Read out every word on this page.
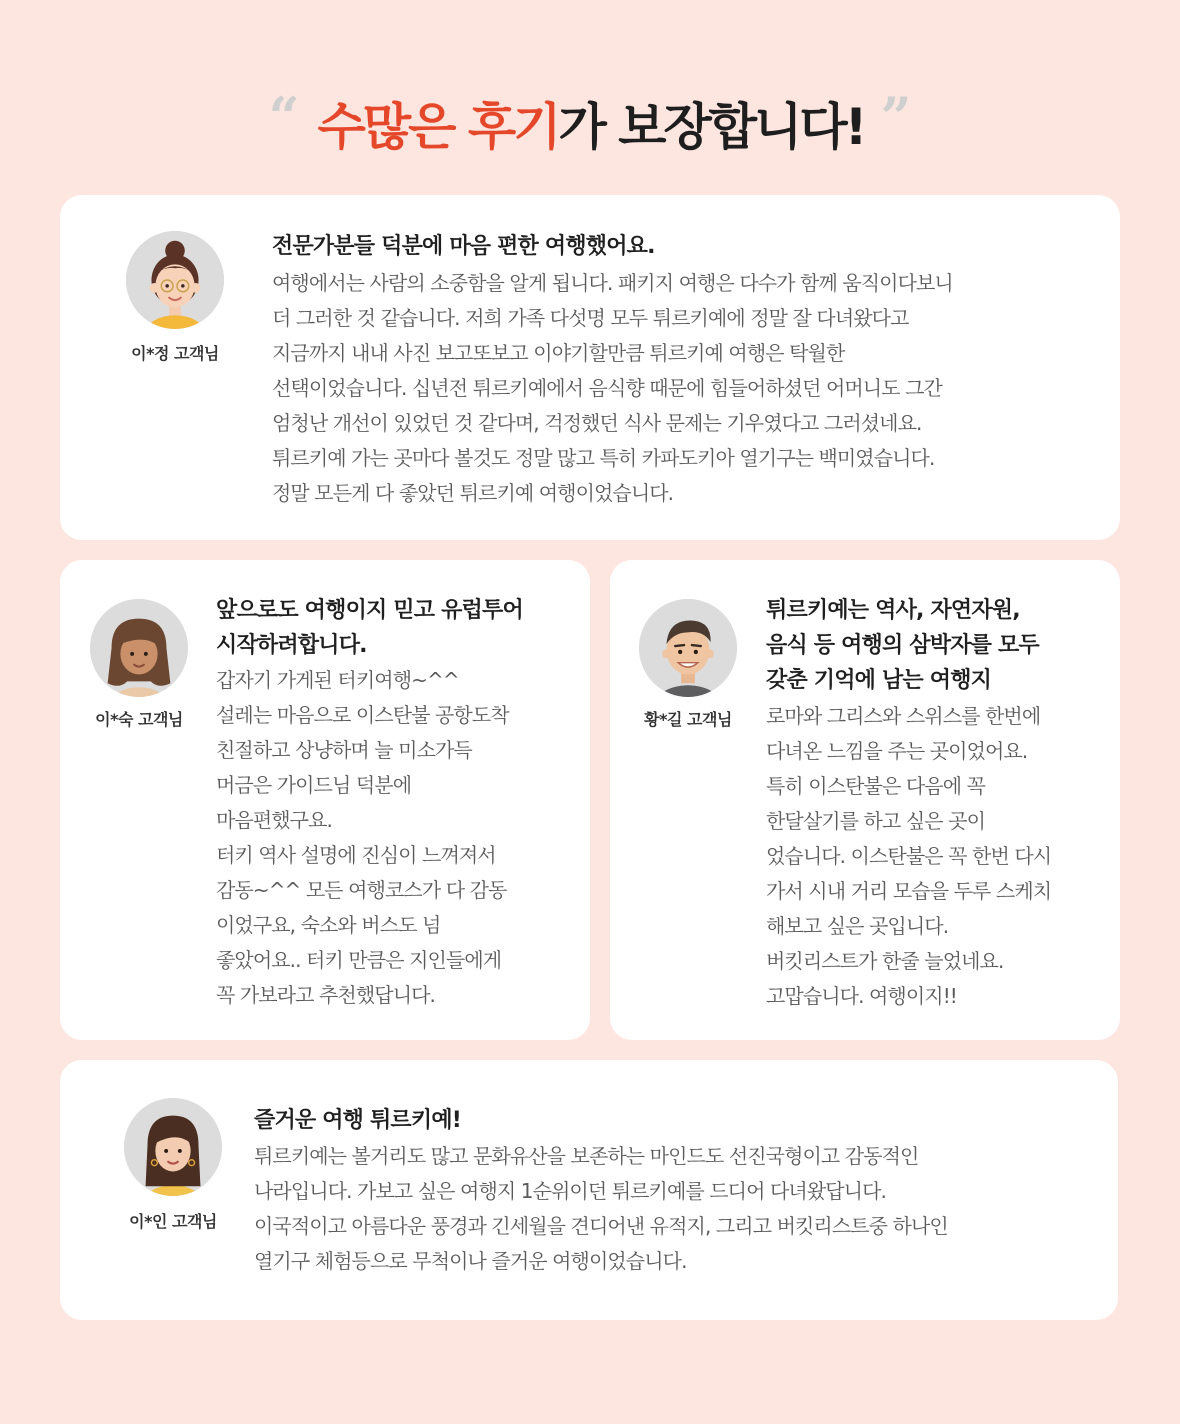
“ 수많은 후기가 보장합니다! ”
이*정 고객님
전문가분들 덕분에 마음 편한 여행했어요.
여행에서는 사람의 소중함을 알게 됩니다. 패키지 여행은 다수가 함께 움직이다보니
더 그러한 것 같습니다. 저희 가족 다섯명 모두 튀르키예에 정말 잘 다녀왔다고
지금까지 내내 사진 보고또보고 이야기할만큼 튀르키예 여행은 탁월한
선택이었습니다. 십년전 튀르키예에서 음식향 때문에 힘들어하셨던 어머니도 그간
엄청난 개선이 있었던 것 같다며, 걱정했던 식사 문제는 기우였다고 그러셨네요.
튀르키예 가는 곳마다 볼것도 정말 많고 특히 카파도키아 열기구는 백미였습니다.
정말 모든게 다 좋았던 튀르키예 여행이었습니다.
이*숙 고객님
앞으로도 여행이지 믿고 유럽투어
시작하려합니다.
갑자기 가게된 터키여행~^^
설레는 마음으로 이스탄불 공항도착
친절하고 상냥하며 늘 미소가득
머금은 가이드님 덕분에
마음편했구요.
터키 역사 설명에 진심이 느껴져서
감동~^^ 모든 여행코스가 다 감동
이었구요, 숙소와 버스도 넘
좋았어요.. 터키 만큼은 지인들에게
꼭 가보라고 추천했답니다.
황*길 고객님
튀르키예는 역사, 자연자원,
음식 등 여행의 삼박자를 모두
갖춘 기억에 남는 여행지
로마와 그리스와 스위스를 한번에
다녀온 느낌을 주는 곳이었어요.
특히 이스탄불은 다음에 꼭
한달살기를 하고 싶은 곳이
었습니다. 이스탄불은 꼭 한번 다시
가서 시내 거리 모습을 두루 스케치
해보고 싶은 곳입니다.
버킷리스트가 한줄 늘었네요.
고맙습니다. 여행이지!!
이*인 고객님
즐거운 여행 튀르키예!
튀르키예는 볼거리도 많고 문화유산을 보존하는 마인드도 선진국형이고 감동적인
나라입니다. 가보고 싶은 여행지 1순위이던 튀르키예를 드디어 다녀왔답니다.
이국적이고 아름다운 풍경과 긴세월을 견디어낸 유적지, 그리고 버킷리스트중 하나인
열기구 체험등으로 무척이나 즐거운 여행이었습니다.
